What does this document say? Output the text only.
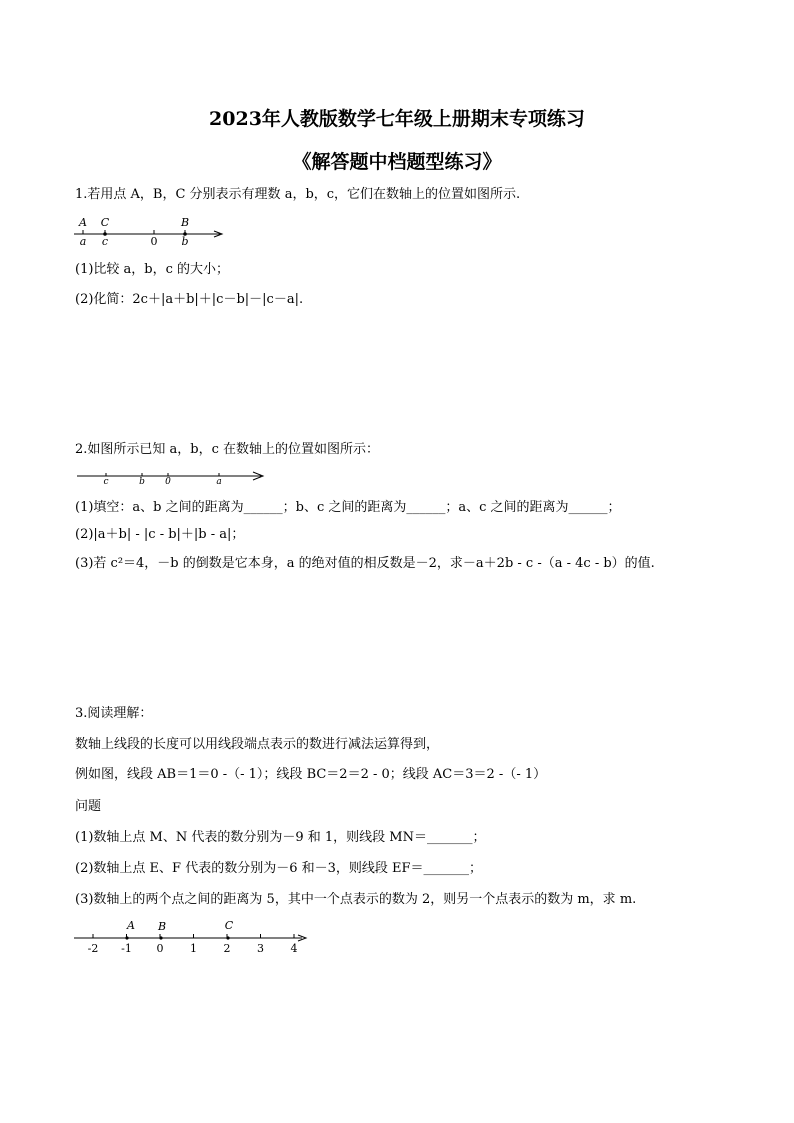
2023年人教版数学七年级上册期末专项练习
《解答题中档题型练习》
1.若用点 A，B，C 分别表示有理数 a，b，c，它们在数轴上的位置如图所示.
A C	B
a c	0 b
(1)比较 a，b，c 的大小；
(2)化简：2c＋|a＋b|＋|c－b|－|c－a|.
2.如图所示已知 a，b，c 在数轴上的位置如图所示：
c	b 0	a
(1)填空：a、b 之间的距离为______；b、c 之间的距离为______；a、c 之间的距离为______；
(2)|a＋b| - |c - b|＋|b - a|；
(3)若 c²＝4，－b 的倒数是它本身，a 的绝对值的相反数是－2，求－a＋2b - c -（a - 4c - b）的值.
3.阅读理解：
数轴上线段的长度可以用线段端点表示的数进行减法运算得到，
例如图，线段 AB＝1＝0 -（- 1）；线段 BC＝2＝2 - 0；线段 AC＝3＝2 -（- 1）
问题
(1)数轴上点 M、N 代表的数分别为－9 和 1，则线段 MN＝_______；
(2)数轴上点 E、F 代表的数分别为－6 和－3，则线段 EF＝_______；
(3)数轴上的两个点之间的距离为 5，其中一个点表示的数为 2，则另一个点表示的数为 m，求 m.
-2 -1 0 1 2 3 4
A B	C
